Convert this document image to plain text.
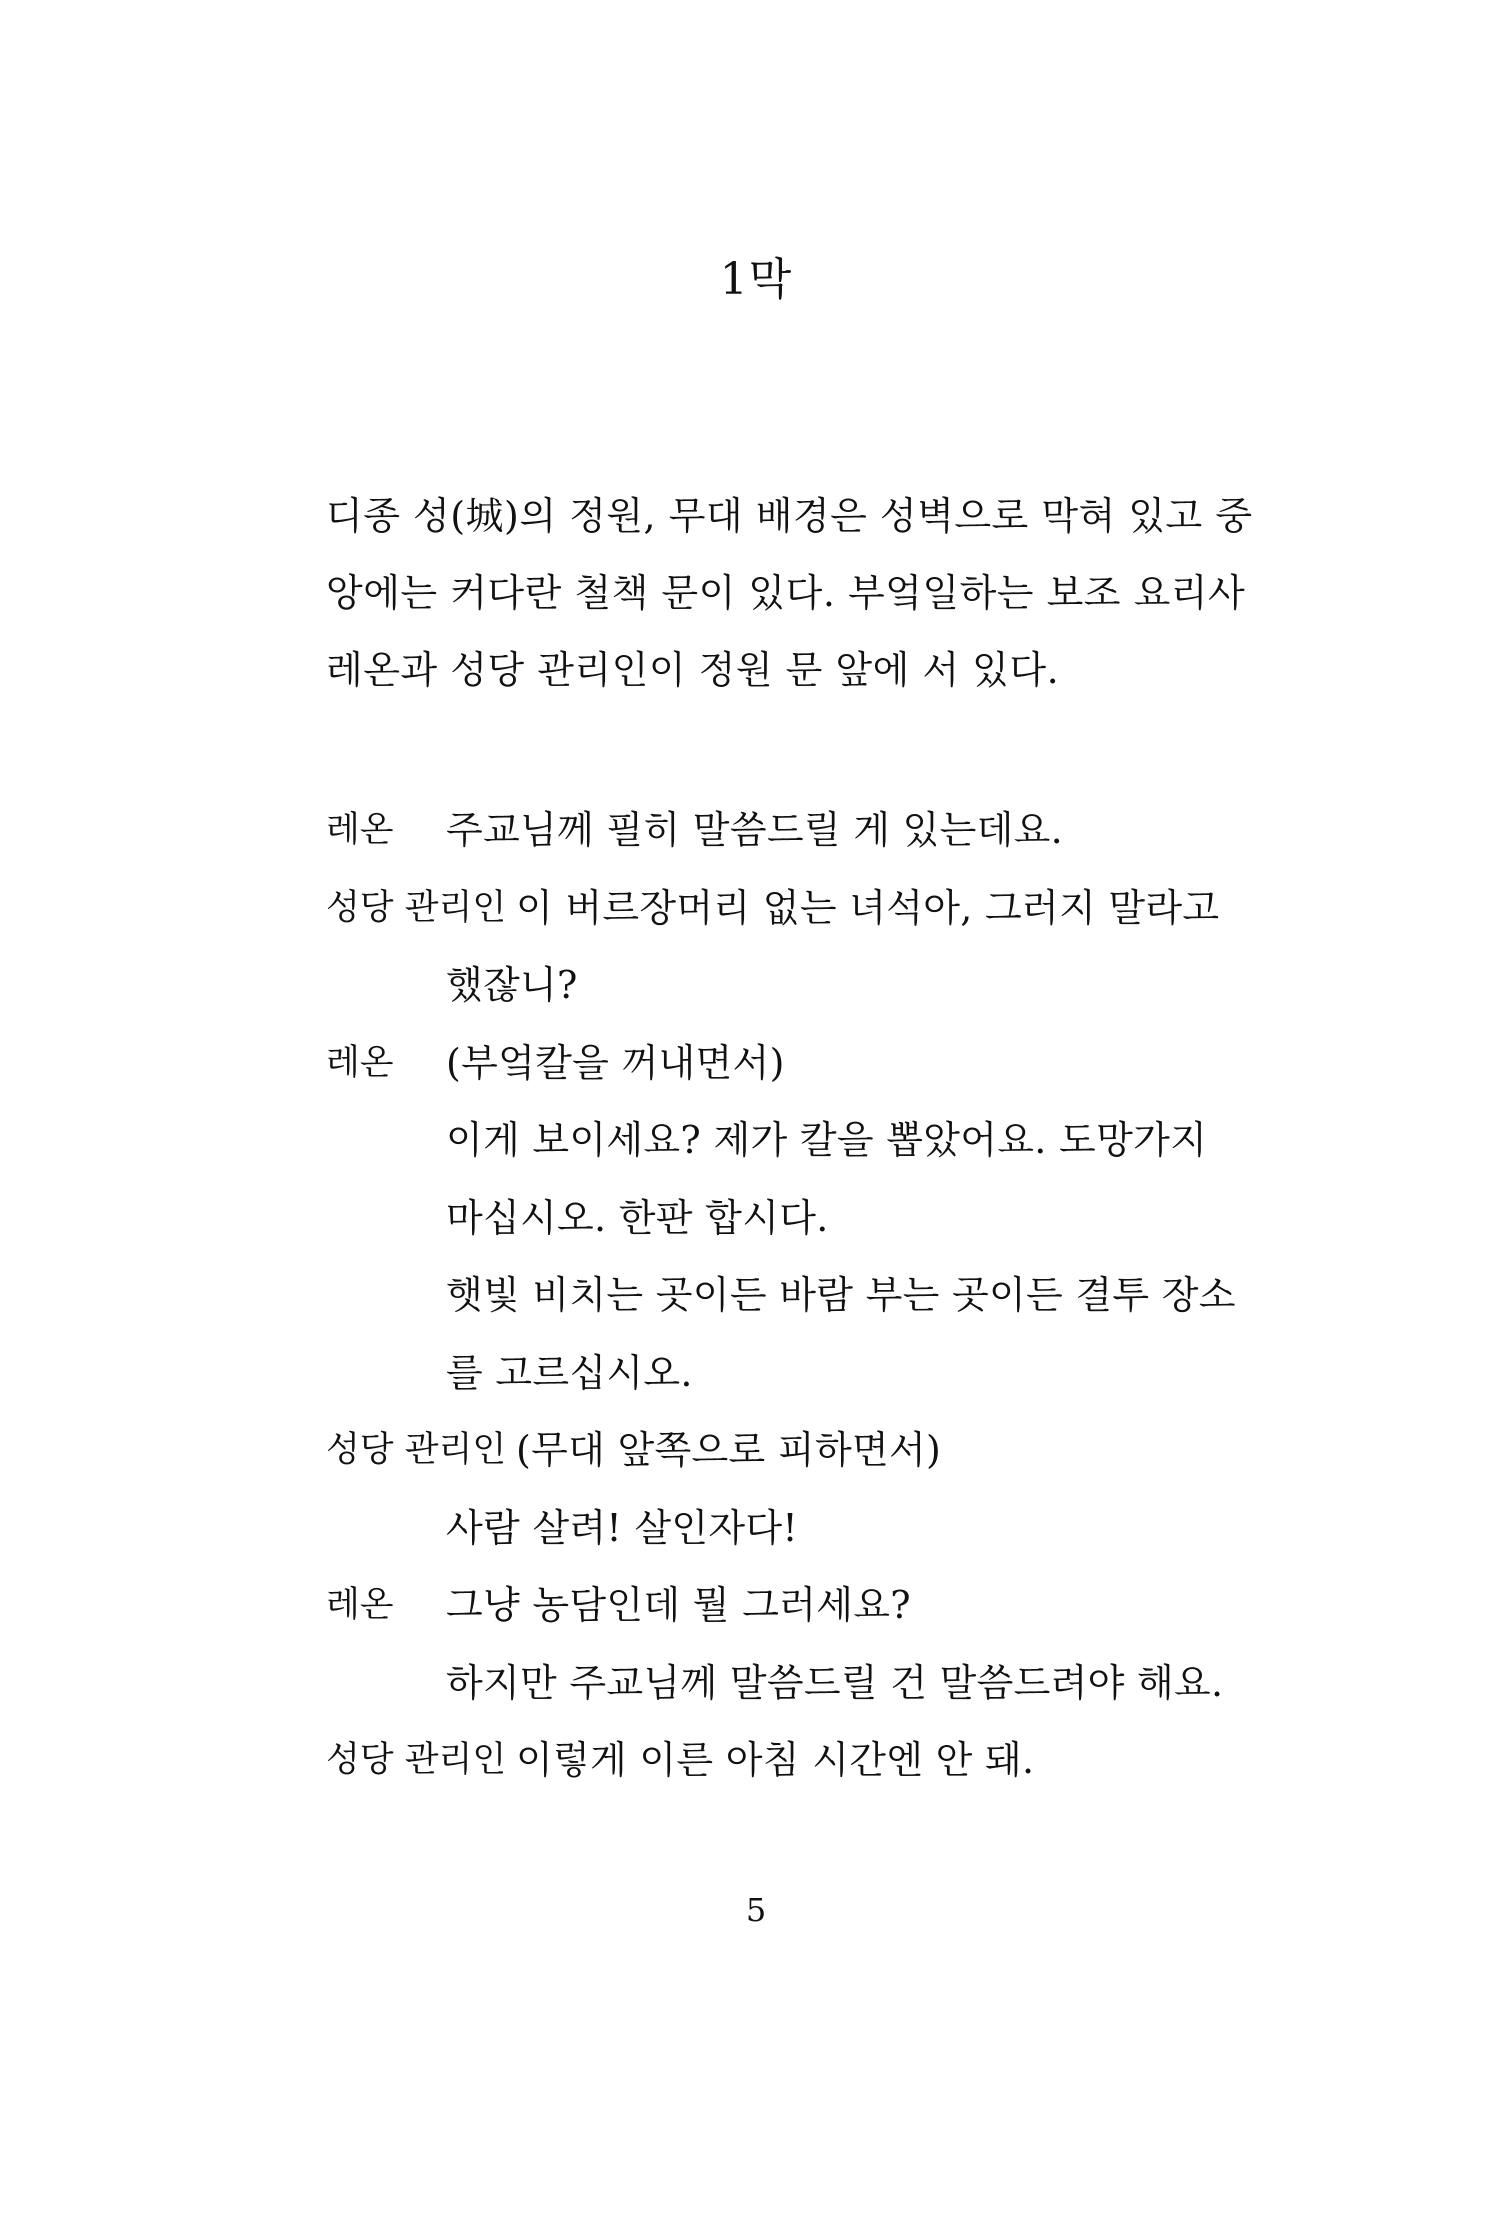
1막
디종 성(城)의 정원, 무대 배경은 성벽으로 막혀 있고 중
앙에는 커다란 철책 문이 있다. 부엌일하는 보조 요리사
레온과 성당 관리인이 정원 문 앞에 서 있다.
레온 주교님께 필히 말씀드릴 게 있는데요.
성당 관리인 이 버르장머리 없는 녀석아, 그러지 말라고
했잖니?
레온 (부엌칼을 꺼내면서)
이게 보이세요? 제가 칼을 뽑았어요. 도망가지
마십시오. 한판 합시다.
햇빛 비치는 곳이든 바람 부는 곳이든 결투 장소
를 고르십시오.
성당 관리인 (무대 앞쪽으로 피하면서)
사람 살려! 살인자다!
레온 그냥 농담인데 뭘 그러세요?
하지만 주교님께 말씀드릴 건 말씀드려야 해요.
성당 관리인 이렇게 이른 아침 시간엔 안 돼.
5
